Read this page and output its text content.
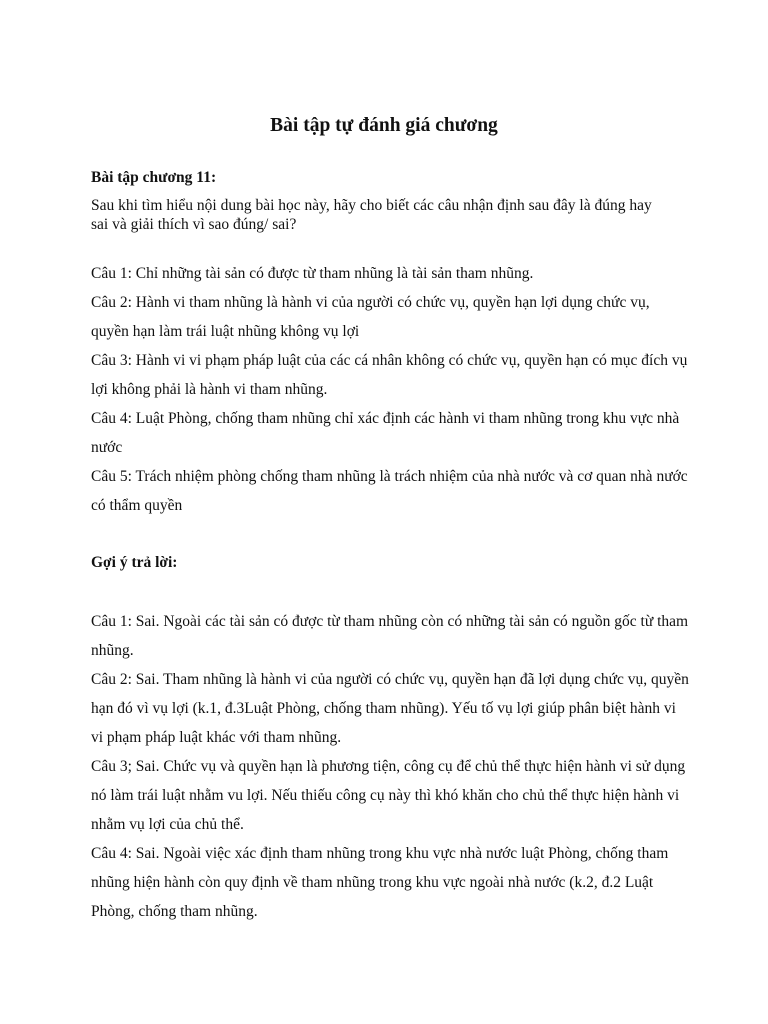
Bài tập tự đánh giá chương

Bài tập chương 11:

Sau khi tìm hiểu nội dung bài học này, hãy cho biết các câu nhận định sau đây là đúng hay sai và giải thích vì sao đúng/ sai?

Câu 1: Chỉ những tài sản có được từ tham nhũng là tài sản tham nhũng.

Câu 2: Hành vi tham nhũng là hành vi của người có chức vụ, quyền hạn lợi dụng chức vụ, quyền hạn làm trái luật nhũng không vụ lợi

Câu 3: Hành vi vi phạm pháp luật của các cá nhân không có chức vụ, quyền hạn có mục đích vụ lợi không phải là hành vi tham nhũng.

Câu 4: Luật Phòng, chống tham nhũng chỉ xác định các hành vi tham nhũng trong khu vực nhà nước

Câu 5: Trách nhiệm phòng chống tham nhũng là trách nhiệm của nhà nước và cơ quan nhà nước có thẩm quyền

Gợi ý trả lời:

Câu 1: Sai. Ngoài các tài sản có được từ tham nhũng còn có những tài sản có nguồn gốc từ tham nhũng.

Câu 2: Sai. Tham nhũng là hành vi của người có chức vụ, quyền hạn đã lợi dụng chức vụ, quyền hạn đó vì vụ lợi (k.1, đ.3Luật Phòng, chống tham nhũng). Yếu tố vụ lợi giúp phân biệt hành vi vi phạm pháp luật khác với tham nhũng.

Câu 3; Sai. Chức vụ và quyền hạn là phương tiện, công cụ để chủ thể thực hiện hành vi sử dụng nó làm trái luật nhằm vu lợi. Nếu thiếu công cụ này thì khó khăn cho chủ thể thực hiện hành vi nhằm vụ lợi của chủ thể.

Câu 4: Sai. Ngoài việc xác định tham nhũng trong khu vực nhà nước luật Phòng, chống tham nhũng hiện hành còn quy định về tham nhũng trong khu vực ngoài nhà nước (k.2, đ.2 Luật Phòng, chống tham nhũng.
